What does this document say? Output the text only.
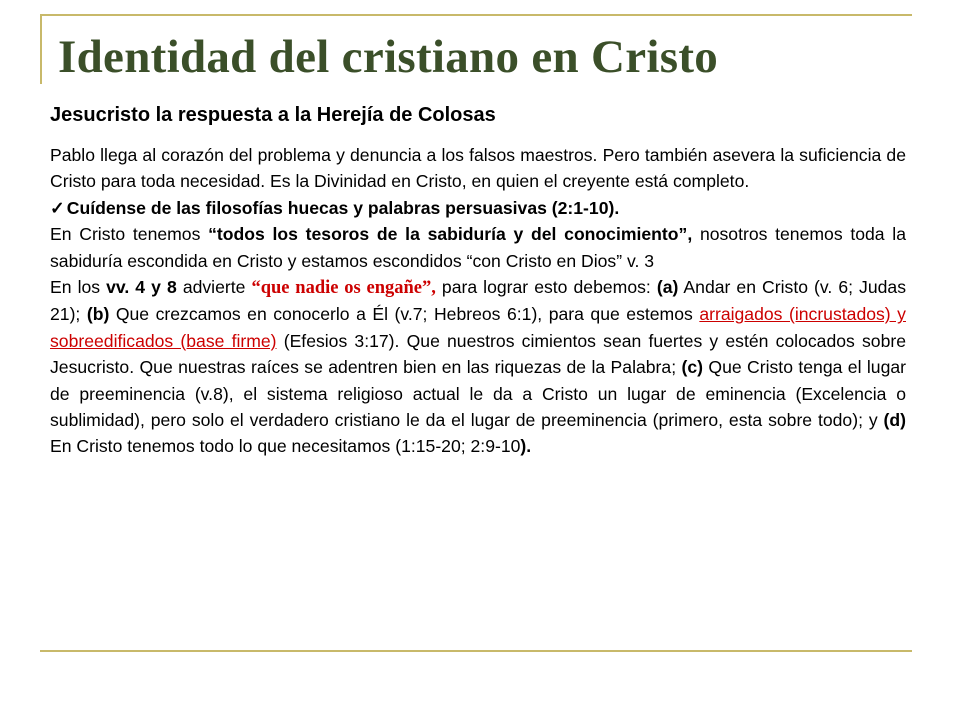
Identidad del cristiano en Cristo

Jesucristo la respuesta a la Herejía de Colosas

Pablo llega al corazón del problema y denuncia a los falsos maestros. Pero también asevera la suficiencia de Cristo para toda necesidad. Es la Divinidad en Cristo, en quien el creyente está completo.

✓ Cuídense de las filosofías huecas y palabras persuasivas (2:1-10).

En Cristo tenemos “todos los tesoros de la sabiduría y del conocimiento”, nosotros tenemos toda la sabiduría escondida en Cristo y estamos escondidos “con Cristo en Dios” v. 3

En los vv. 4 y 8 advierte “que nadie os engañe”, para lograr esto debemos: (a) Andar en Cristo (v. 6; Judas 21); (b) Que crezcamos en conocerlo a Él (v.7; Hebreos 6:1), para que estemos arraigados (incrustados) y sobreedificados (base firme) (Efesios 3:17). Que nuestros cimientos sean fuertes y estén colocados sobre Jesucristo. Que nuestras raíces se adentren bien en las riquezas de la Palabra; (c) Que Cristo tenga el lugar de preeminencia (v.8), el sistema religioso actual le da a Cristo un lugar de eminencia (Excelencia o sublimidad), pero solo el verdadero cristiano le da el lugar de preeminencia (primero, esta sobre todo); y (d) En Cristo tenemos todo lo que necesitamos (1:15-20; 2:9-10).
